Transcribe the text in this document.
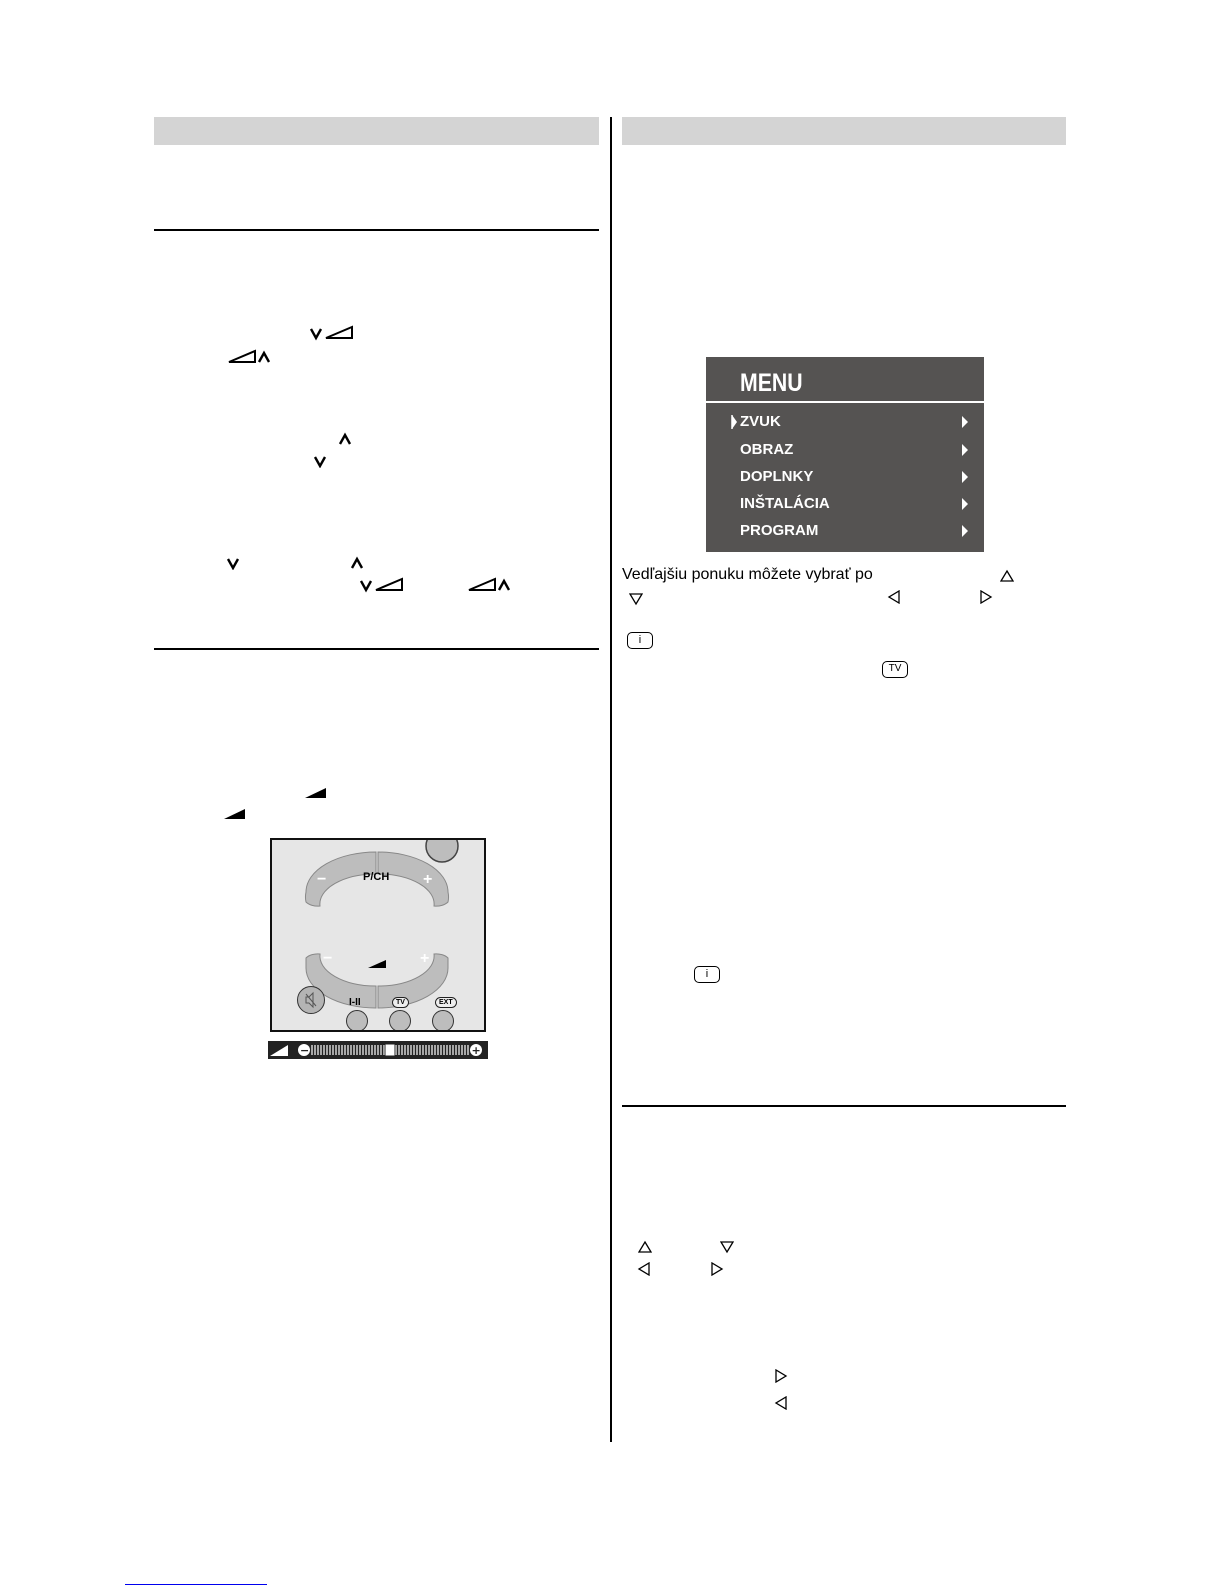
P/CH
−	+
−	+
I-II	TV	EXT
−	+
MENU
ZVUK
OBRAZ
DOPLNKY
INŠTALÁCIA
PROGRAM
Vedľajšiu ponuku môžete vybrať po
i
TV
i
